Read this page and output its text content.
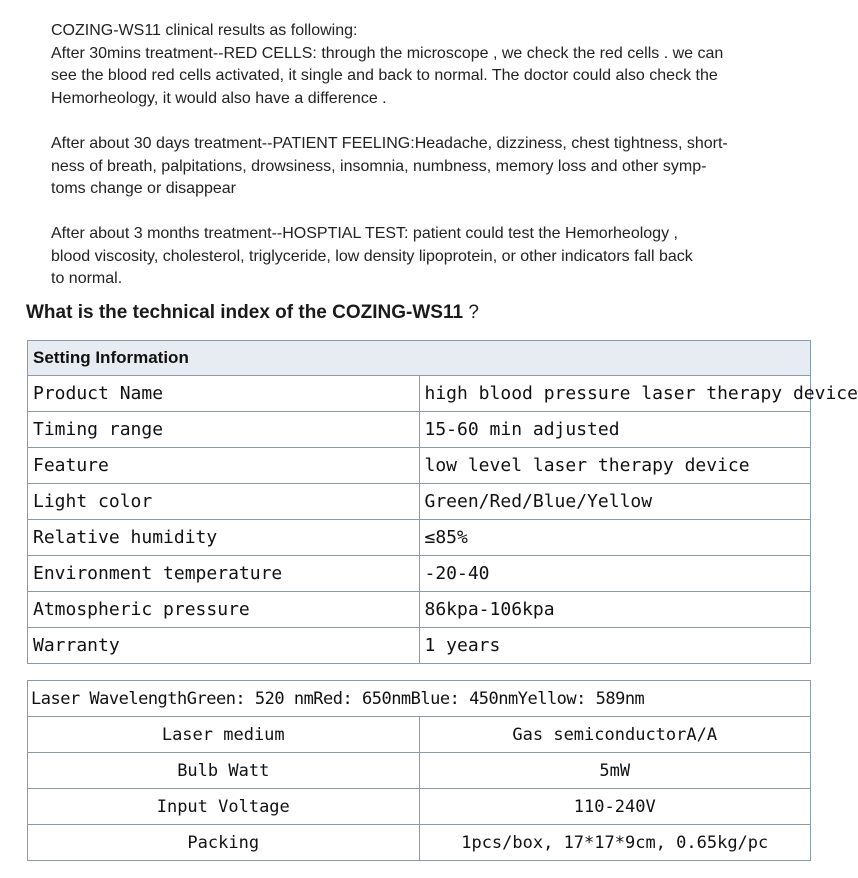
COZING-WS11 clinical results as following:
After 30mins treatment--RED CELLS: through the microscope , we check the red cells . we can
see the blood red cells activated, it single and back to normal. The doctor could also check the
Hemorheology, it would also have a difference .
After about 30 days treatment--PATIENT FEELING:Headache, dizziness, chest tightness, short-
ness of breath, palpitations, drowsiness, insomnia, numbness, memory loss and other symp-
toms change or disappear
After about 3 months treatment--HOSPTIAL TEST: patient could test the Hemorheology ,
blood viscosity, cholesterol, triglyceride, low density lipoprotein, or other indicators fall back
to normal.
What is the technical index of the COZING-WS11 ?
Setting Information	
Product Name	high blood pressure laser therapy device
Timing range	15-60 min adjusted
Feature	low level laser therapy device
Light color	Green/Red/Blue/Yellow
Relative humidity	≤85%
Environment temperature	-20-40
Atmospheric pressure	86kpa-106kpa
Warranty	1 years
Laser WavelengthGreen: 520 nmRed: 650nmBlue: 450nmYellow: 589nm	
Laser medium	Gas semiconductorA/A
Bulb Watt	5mW
Input Voltage	110-240V
Packing	1pcs/box, 17*17*9cm, 0.65kg/pc
